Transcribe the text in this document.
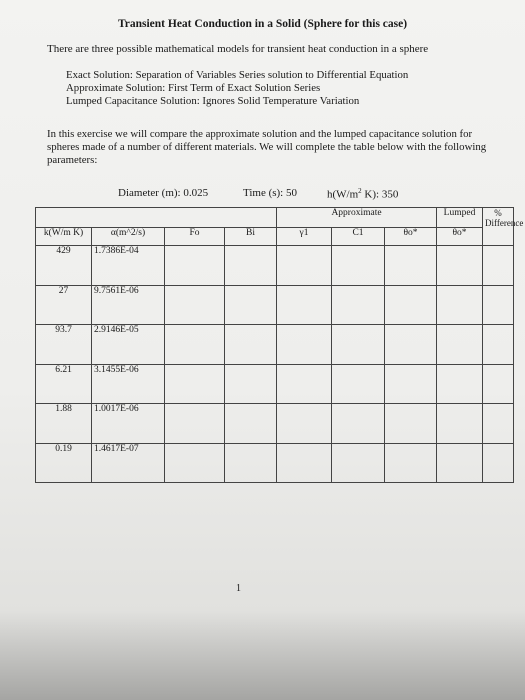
Transient Heat Conduction in a Solid (Sphere for this case)
There are three possible mathematical models for transient heat conduction in a sphere
Exact Solution: Separation of Variables Series solution to Differential Equation
Approximate Solution: First Term of Exact Solution Series
Lumped Capacitance Solution: Ignores Solid Temperature Variation
In this exercise we will compare the approximate solution and the lumped capacitance solution for spheres made of a number of different materials. We will complete the table below with the following parameters:
Diameter (m): 0.025	Time (s): 50	$h(W/m^2$ K): 350
				Approximate			Lumped	%
Difference

k(W/m K)	α(m^2/s)	Fo	Bi	γ1	C1	θo*	θo*	
429	1.7386E-04							
27	9.7561E-06							
93.7	2.9146E-05							
6.21	3.1455E-06							
1.88	1.0017E-06							
0.19	1.4617E-07							
1
